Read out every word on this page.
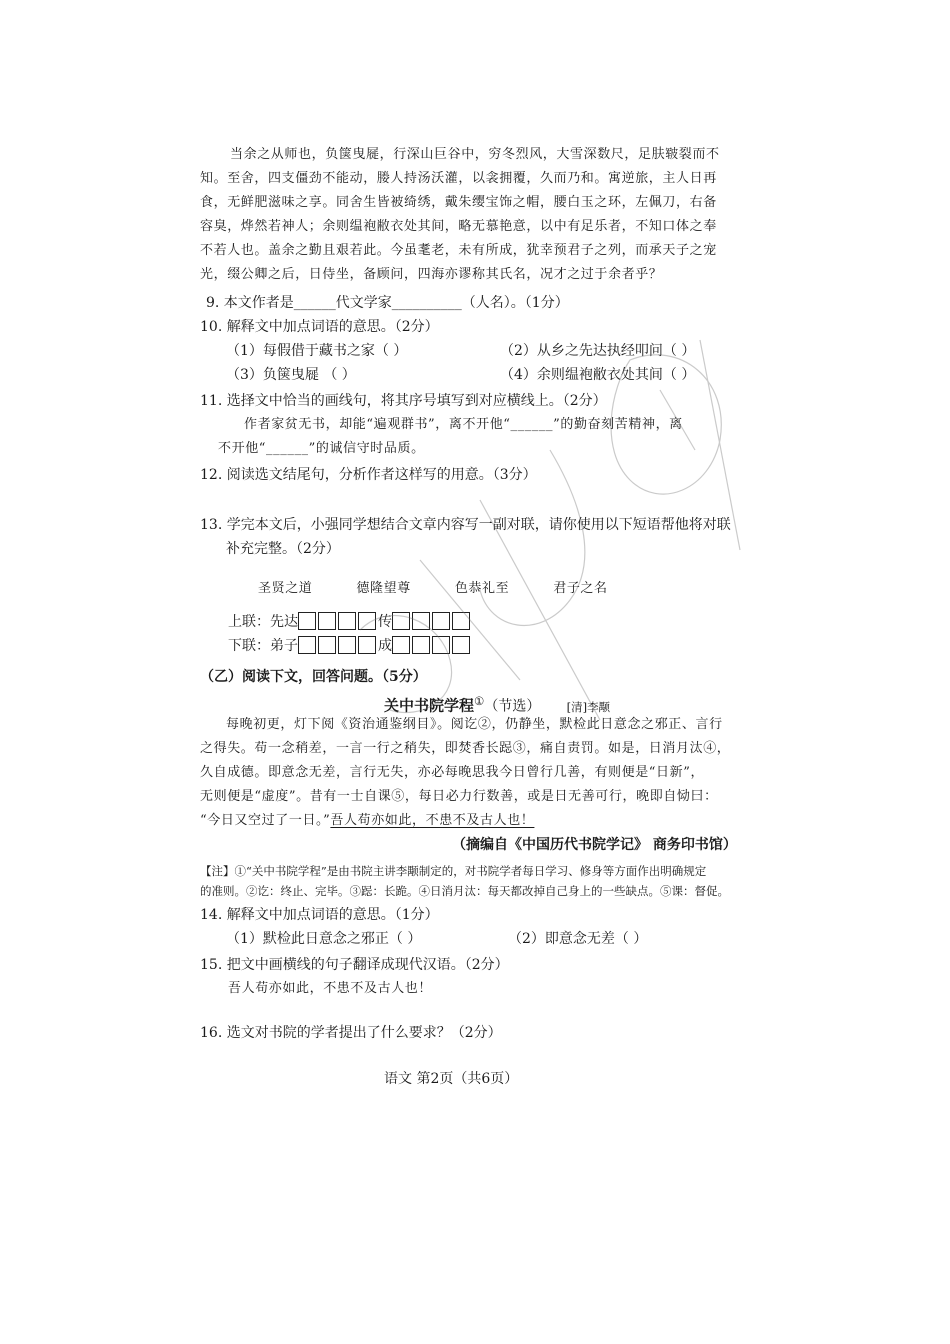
当余之从师也，负箧曳屣，行深山巨谷中，穷冬烈风，大雪深数尺，足肤皲裂而不
知。至舍，四支僵劲不能动，媵人持汤沃灌，以衾拥覆，久而乃和。寓逆旅，主人日再
食，无鲜肥滋味之享。同舍生皆被绮绣，戴朱缨宝饰之帽，腰白玉之环，左佩刀，右备
容臭，烨然若神人；余则缊袍敝衣处其间，略无慕艳意，以中有足乐者，不知口体之奉
不若人也。盖余之勤且艰若此。今虽耄老，未有所成，犹幸预君子之列，而承天子之宠
光，缀公卿之后，日侍坐，备顾问，四海亦谬称其氏名，况才之过于余者乎？
9. 本文作者是______代文学家__________（人名）。（1分）
10. 解释文中加点词语的意思。（2分）
（1）每假借于藏书之家（ ）	（2）从乡之先达执经叩问（ ）
（3）负箧曳屣 （ ）	（4）余则缊袍敝衣处其间（ ）
11. 选择文中恰当的画线句，将其序号填写到对应横线上。（2分）
作者家贫无书，却能“遍观群书”，离不开他“______”的勤奋刻苦精神，离
不开他“______”的诚信守时品质。
12. 阅读选文结尾句，分析作者这样写的用意。（3分）
13. 学完本文后，小强同学想结合文章内容写一副对联，请你使用以下短语帮他将对联
补充完整。（2分）
圣贤之道	德隆望尊	色恭礼至	君子之名
上联：先达	传
下联：弟子	成
（乙）阅读下文，回答问题。（5分）
关中书院学程①（节选） [清]李颙
每晚初更，灯下阅《资治通鉴纲目》。阅讫②，仍静坐，默检此日意念之邪正、言行
之得失。苟一念稍差，一言一行之稍失，即焚香长跽③，痛自责罚。如是，日消月汰④，
久自成德。即意念无差，言行无失，亦必每晚思我今日曾行几善，有则便是“日新”，
无则便是“虚度”。昔有一士自课⑤，每日必力行数善，或是日无善可行，晚即自恸曰：
“今日又空过了一日。”吾人苟亦如此，不患不及古人也！
（摘编自《中国历代书院学记》 商务印书馆）
【注】①“关中书院学程”是由书院主讲李颙制定的，对书院学者每日学习、修身等方面作出明确规定
的准则。②讫：终止、完毕。③跽：长跪。④日消月汰：每天都改掉自己身上的一些缺点。⑤课：督促。
14. 解释文中加点词语的意思。（1分）
（1）默检此日意念之邪正（ ）	（2）即意念无差（ ）
15. 把文中画横线的句子翻译成现代汉语。（2分）
吾人苟亦如此，不患不及古人也！
16. 选文对书院的学者提出了什么要求？（2分）
语文 第2页（共6页）
